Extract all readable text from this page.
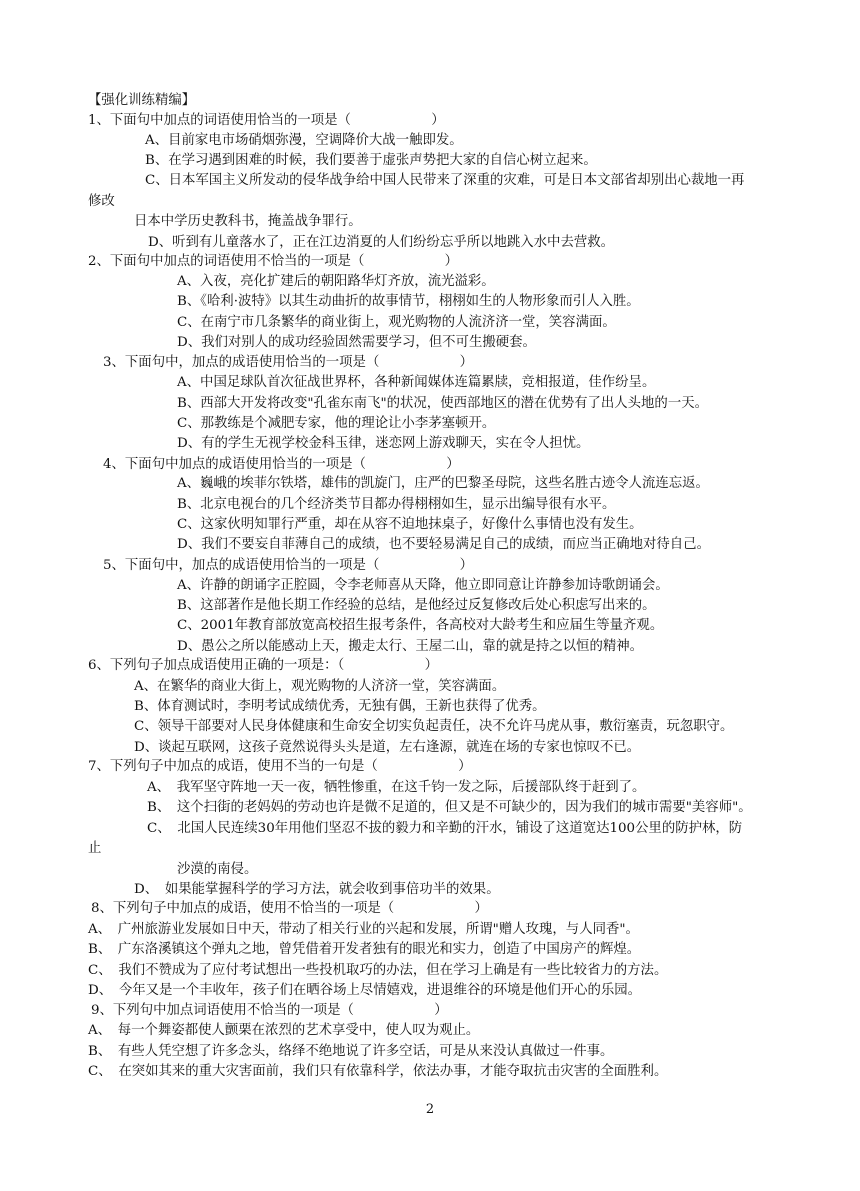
【强化训练精编】
1、下面句中加点的词语使用恰当的一项是（　　　　　　）
A、目前家电市场硝烟弥漫，空调降价大战一触即发。
B、在学习遇到困难的时候，我们要善于虚张声势把大家的自信心树立起来。
C、日本军国主义所发动的侵华战争给中国人民带来了深重的灾难，可是日本文部省却别出心裁地一再
修改
日本中学历史教科书，掩盖战争罪行。
D、听到有儿童落水了，正在江边消夏的人们纷纷忘乎所以地跳入水中去营救。
2、下面句中加点的词语使用不恰当的一项是（　　　　　　）
A、入夜，亮化扩建后的朝阳路华灯齐放，流光溢彩。
B、《哈利·波特》以其生动曲折的故事情节，栩栩如生的人物形象而引人入胜。
C、在南宁市几条繁华的商业街上，观光购物的人流济济一堂，笑容满面。
D、我们对别人的成功经验固然需要学习，但不可生搬硬套。
3、下面句中，加点的成语使用恰当的一项是（　　　　　　）
A、中国足球队首次征战世界杯，各种新闻媒体连篇累牍，竞相报道，佳作纷呈。
B、西部大开发将改变"孔雀东南飞"的状况，使西部地区的潜在优势有了出人头地的一天。
C、那教练是个减肥专家，他的理论让小李茅塞顿开。
D、有的学生无视学校金科玉律，迷恋网上游戏聊天，实在令人担忧。
4、下面句中加点的成语使用恰当的一项是（　　　　　　）
A、巍峨的埃菲尔铁塔，雄伟的凯旋门，庄严的巴黎圣母院，这些名胜古迹令人流连忘返。
B、北京电视台的几个经济类节目都办得栩栩如生，显示出编导很有水平。
C、这家伙明知罪行严重，却在从容不迫地抹桌子，好像什么事情也没有发生。
D、我们不要妄自菲薄自己的成绩，也不要轻易满足自己的成绩，而应当正确地对待自己。
5、下面句中，加点的成语使用恰当的一项是（　　　　　　）
A、许静的朗诵字正腔圆，令李老师喜从天降，他立即同意让许静参加诗歌朗诵会。
B、这部著作是他长期工作经验的总结，是他经过反复修改后处心积虑写出来的。
C、2001年教育部放宽高校招生报考条件，各高校对大龄考生和应届生等量齐观。
D、愚公之所以能感动上天，搬走太行、王屋二山，靠的就是持之以恒的精神。
6、下列句子加点成语使用正确的一项是：（　　　　　　）
A、在繁华的商业大街上，观光购物的人济济一堂，笑容满面。
B、体育测试时，李明考试成绩优秀，无独有偶，王新也获得了优秀。
C、领导干部要对人民身体健康和生命安全切实负起责任，决不允许马虎从事，敷衍塞责，玩忽职守。
D、谈起互联网，这孩子竟然说得头头是道，左右逢源，就连在场的专家也惊叹不已。
7、下列句子中加点的成语，使用不当的一句是（　　　　　　）
A、　我军坚守阵地一天一夜，牺牲惨重，在这千钧一发之际，后援部队终于赶到了。
B、　这个扫街的老妈妈的劳动也许是微不足道的，但又是不可缺少的，因为我们的城市需要"美容师"。
C、　北国人民连续30年用他们坚忍不拔的毅力和辛勤的汗水，铺设了这道宽达100公里的防护林，防
止
沙漠的南侵。
D、　如果能掌握科学的学习方法，就会收到事倍功半的效果。
8、下列句子中加点的成语，使用不恰当的一项是（　　　　　　）
A、　广州旅游业发展如日中天，带动了相关行业的兴起和发展，所谓"赠人玫瑰，与人同香"。
B、　广东洛溪镇这个弹丸之地，曾凭借着开发者独有的眼光和实力，创造了中国房产的辉煌。
C、　我们不赞成为了应付考试想出一些投机取巧的办法，但在学习上确是有一些比较省力的方法。
D、　今年又是一个丰收年，孩子们在晒谷场上尽情嬉戏，进退维谷的环境是他们开心的乐园。
9、下列句中加点词语使用不恰当的一项是（　　　　　　）
A、　每一个舞姿都使人颤栗在浓烈的艺术享受中，使人叹为观止。
B、　有些人凭空想了许多念头，络绎不绝地说了许多空话，可是从来没认真做过一件事。
C、　在突如其来的重大灾害面前，我们只有依靠科学，依法办事，才能夺取抗击灾害的全面胜利。
2
